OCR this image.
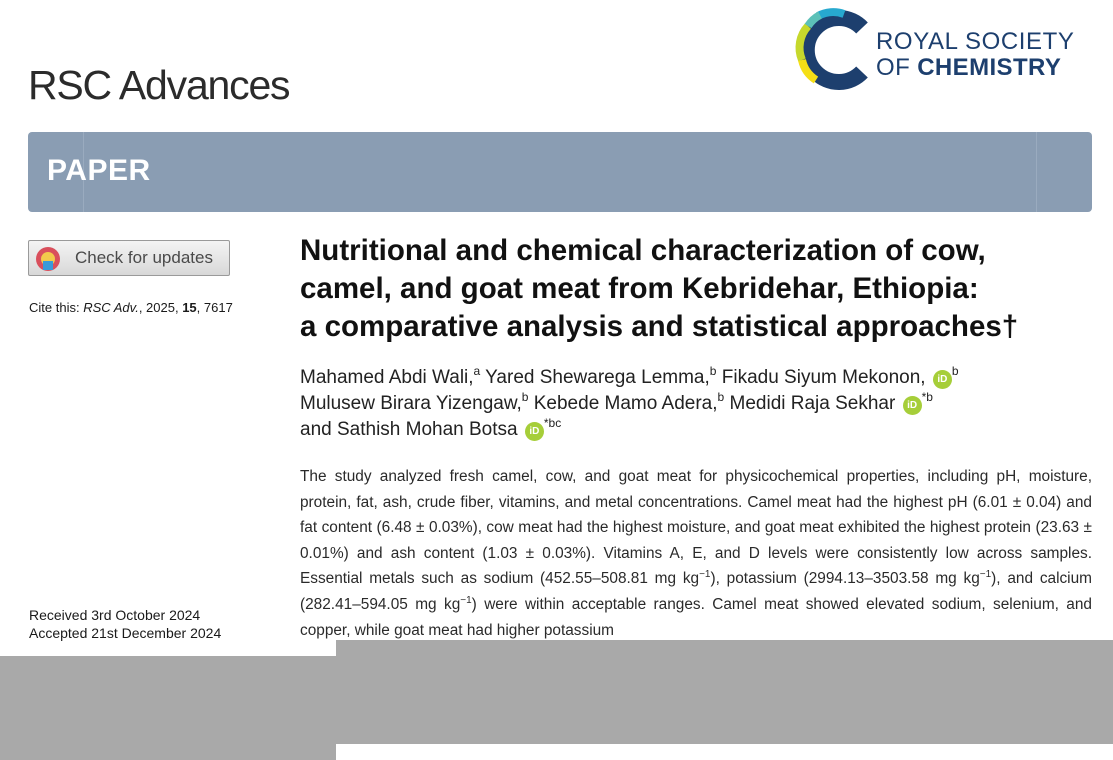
RSC Advances
ROYAL SOCIETY
OF CHEMISTRY
PAPER
Check for updates
Cite this: RSC Adv., 2025, 15, 7617
Received 3rd October 2024
Accepted 21st December 2024
Nutritional and chemical characterization of cow,
camel, and goat meat from Kebridehar, Ethiopia:
a comparative analysis and statistical approaches†
Mahamed Abdi Wali,$^a$ Yared Shewarega Lemma,$^b$ Fikadu Siyum Mekonon, $iD^b$
Mulusew Birara Yizengaw,$^b$ Kebede Mamo Adera,$^b$ Medidi Raja Sekhar $iD^{*b}$
and Sathish Mohan Botsa $iD^{*bc}$
The study analyzed fresh camel, cow, and goat meat for physicochemical properties, including pH, moisture, protein, fat, ash, crude fiber, vitamins, and metal concentrations. Camel meat had the highest pH (6.01 ± 0.04) and fat content (6.48 ± 0.03%), cow meat had the highest moisture, and goat meat exhibited the highest protein (23.63 ± 0.01%) and ash content (1.03 ± 0.03%). Vitamins A, E, and D levels were consistently low across samples. Essential metals such as sodium (452.55–508.81 mg $kg^{-1}$), potassium (2994.13–3503.58 mg $kg^{-1}$), and calcium (282.41–594.05 mg $kg^{-1}$) were within acceptable ranges. Camel meat showed elevated sodium, selenium, and copper, while goat meat had higher potassium
